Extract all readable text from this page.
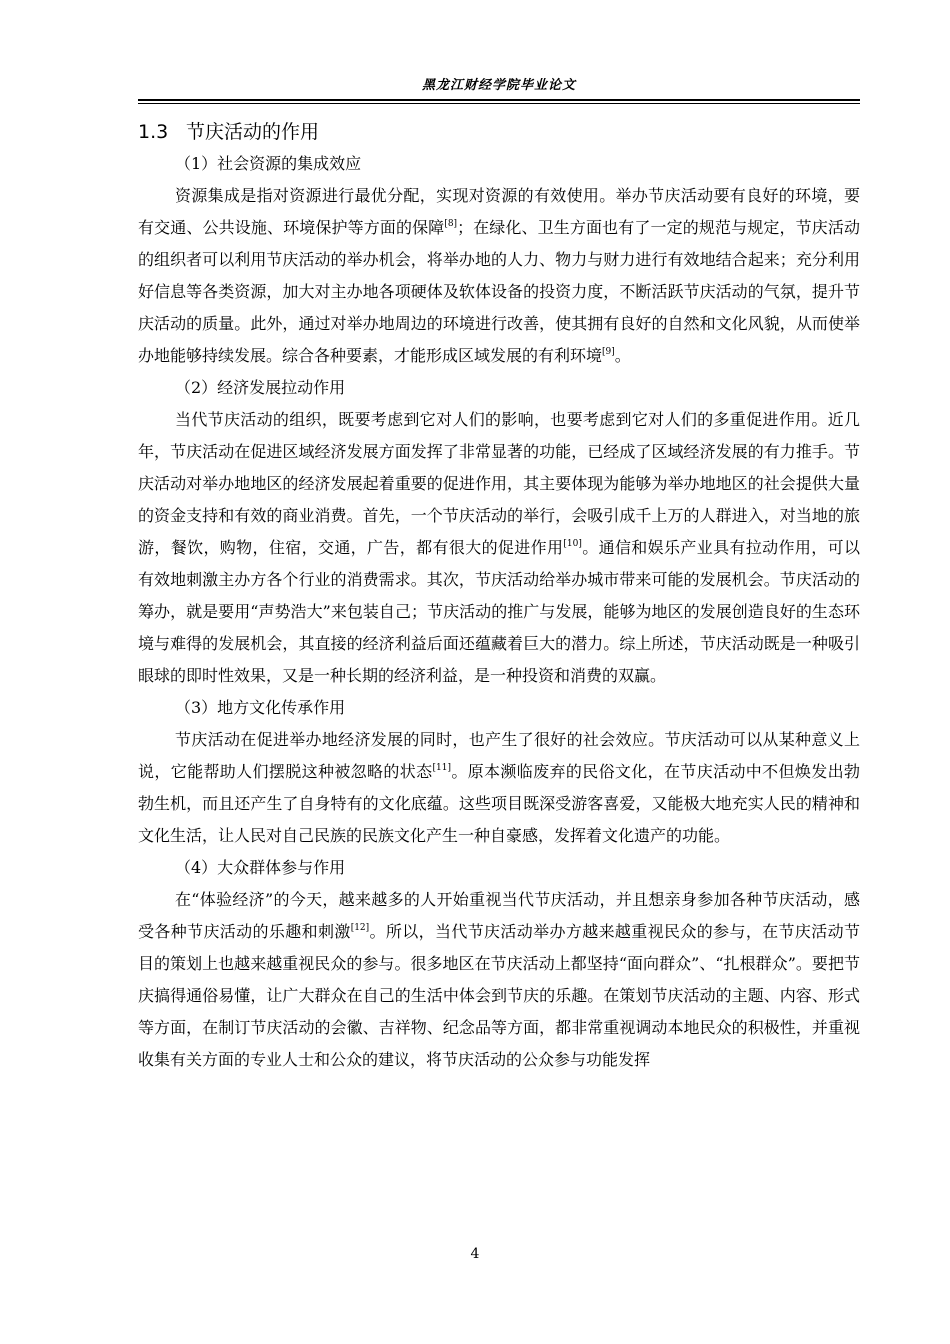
黑龙江财经学院毕业论文
1.3 节庆活动的作用

（1）社会资源的集成效应

资源集成是指对资源进行最优分配，实现对资源的有效使用。举办节庆活动要有良好的环境，要有交通、公共设施、环境保护等方面的保障[8]；在绿化、卫生方面也有了一定的规范与规定，节庆活动的组织者可以利用节庆活动的举办机会，将举办地的人力、物力与财力进行有效地结合起来；充分利用好信息等各类资源，加大对主办地各项硬体及软体设备的投资力度，不断活跃节庆活动的气氛，提升节庆活动的质量。此外，通过对举办地周边的环境进行改善，使其拥有良好的自然和文化风貌，从而使举办地能够持续发展。综合各种要素，才能形成区域发展的有利环境[9]。

（2）经济发展拉动作用

当代节庆活动的组织，既要考虑到它对人们的影响，也要考虑到它对人们的多重促进作用。近几年，节庆活动在促进区域经济发展方面发挥了非常显著的功能，已经成了区域经济发展的有力推手。节庆活动对举办地地区的经济发展起着重要的促进作用，其主要体现为能够为举办地地区的社会提供大量的资金支持和有效的商业消费。首先，一个节庆活动的举行，会吸引成千上万的人群进入，对当地的旅游，餐饮，购物，住宿，交通，广告，都有很大的促进作用[10]。通信和娱乐产业具有拉动作用，可以有效地刺激主办方各个行业的消费需求。其次，节庆活动给举办城市带来可能的发展机会。节庆活动的筹办，就是要用“声势浩大”来包装自己；节庆活动的推广与发展，能够为地区的发展创造良好的生态环境与难得的发展机会，其直接的经济利益后面还蕴藏着巨大的潜力。综上所述，节庆活动既是一种吸引眼球的即时性效果，又是一种长期的经济利益，是一种投资和消费的双赢。

（3）地方文化传承作用

节庆活动在促进举办地经济发展的同时，也产生了很好的社会效应。节庆活动可以从某种意义上说，它能帮助人们摆脱这种被忽略的状态[11]。原本濒临废弃的民俗文化，在节庆活动中不但焕发出勃勃生机，而且还产生了自身特有的文化底蕴。这些项目既深受游客喜爱，又能极大地充实人民的精神和文化生活，让人民对自己民族的民族文化产生一种自豪感，发挥着文化遗产的功能。

（4）大众群体参与作用

在“体验经济”的今天，越来越多的人开始重视当代节庆活动，并且想亲身参加各种节庆活动，感受各种节庆活动的乐趣和刺激[12]。所以，当代节庆活动举办方越来越重视民众的参与，在节庆活动节目的策划上也越来越重视民众的参与。很多地区在节庆活动上都坚持“面向群众”、“扎根群众”。要把节庆搞得通俗易懂，让广大群众在自己的生活中体会到节庆的乐趣。在策划节庆活动的主题、内容、形式等方面，在制订节庆活动的会徽、吉祥物、纪念品等方面，都非常重视调动本地民众的积极性，并重视收集有关方面的专业人士和公众的建议，将节庆活动的公众参与功能发挥

4
